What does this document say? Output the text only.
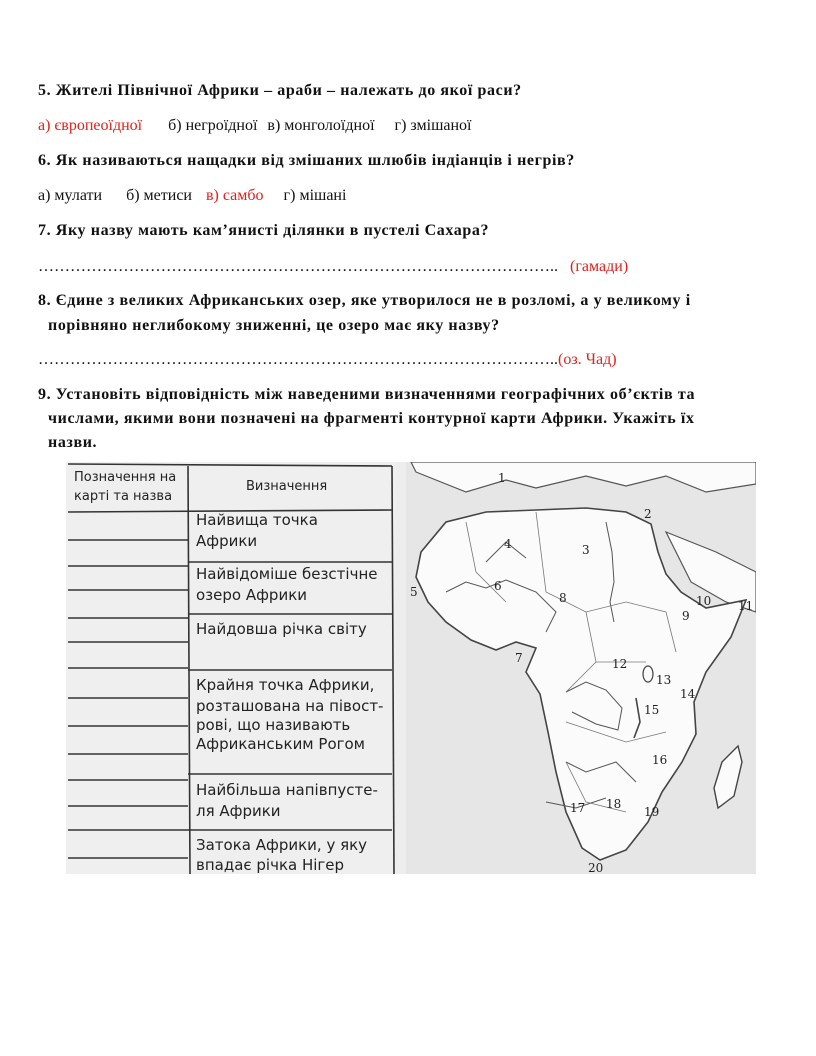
5. Жителі Північної Африки – араби – належать до якої раси?
а) європеоїдної б) негроїдної в) монголоїдної г) змішаної
6. Як називаються нащадки від змішаних шлюбів індіанців і негрів?
а) мулати б) метиси в) самбо г) мішані
7. Яку назву мають кам’янисті ділянки в пустелі Сахара?
…………………………………………………………………………………….. (гамади)
8. Єдине з великих Африканських озер, яке утворилося не в розломі, а у великому і
порівняно неглибокому зниженні, це озеро має яку назву?
……………………………………………………………………………………..(оз. Чад)
9. Установіть відповідність між наведеними визначеннями географічних об’єктів та
числами, якими вони позначені на фрагменті контурної карти Африки. Укажіть їх
назви.
Позначення на
карті та назва
Визначення
Найвища точка
Африки
Найвідоміше безстічне
озеро Африки
Найдовша річка світу
Крайня точка Африки,
розташована на півост-
рові, що називають
Африканським Рогом
Найбільша напівпусте-
ля Африки
Затока Африки, у яку
впадає річка Нігер
1
2
3
4
5	6
7
8
9
10 11
12
13
14
15
16
17 18
19
20
